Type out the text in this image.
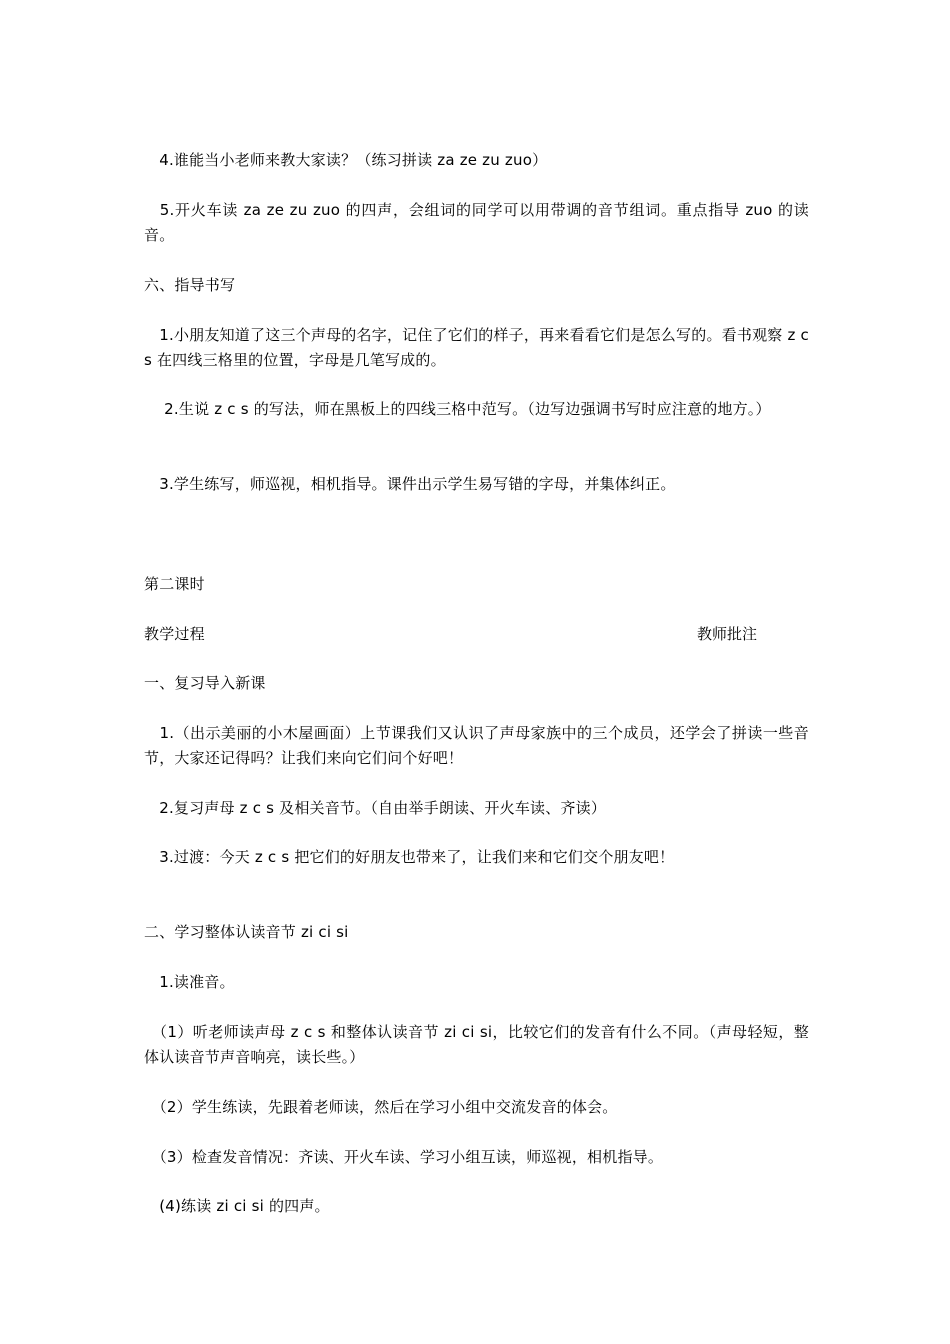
　4.谁能当小老师来教大家读？（练习拼读 za ze zu zuo）
　5.开火车读 za ze zu zuo 的四声，会组词的同学可以用带调的音节组词。重点指导 zuo 的读音。
六、指导书写
　1.小朋友知道了这三个声母的名字，记住了它们的样子，再来看看它们是怎么写的。看书观察 z c s 在四线三格里的位置，字母是几笔写成的。
　 2.生说 z c s 的写法，师在黑板上的四线三格中范写。（边写边强调书写时应注意的地方。）
　3.学生练写，师巡视，相机指导。课件出示学生易写错的字母，并集体纠正。
第二课时
教学过程	教师批注
一、复习导入新课
　1.（出示美丽的小木屋画面）上节课我们又认识了声母家族中的三个成员，还学会了拼读一些音节，大家还记得吗？让我们来向它们问个好吧！
　2.复习声母 z c s 及相关音节。（自由举手朗读、开火车读、齐读）
　3.过渡：今天 z c s 把它们的好朋友也带来了，让我们来和它们交个朋友吧！
二、学习整体认读音节 zi ci si
　1.读准音。
　（1）听老师读声母 z c s 和整体认读音节 zi ci si，比较它们的发音有什么不同。（声母轻短，整体认读音节声音响亮，读长些。）
　（2）学生练读，先跟着老师读，然后在学习小组中交流发音的体会。
　（3）检查发音情况：齐读、开火车读、学习小组互读，师巡视，相机指导。
　(4)练读 zi ci si 的四声。
